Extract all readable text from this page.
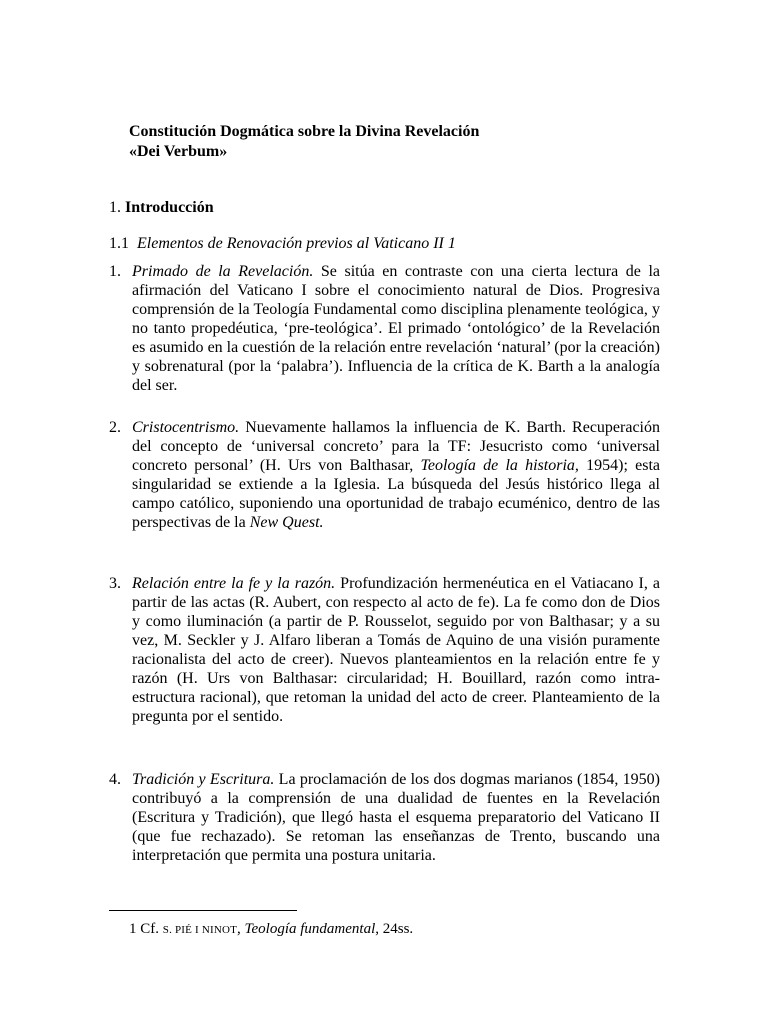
Constitución Dogmática sobre la Divina Revelación
«Dei Verbum»
1. Introducción
1.1 Elementos de Renovación previos al Vaticano II 1
1. Primado de la Revelación. Se sitúa en contraste con una cierta lectura de la afirmación del Vaticano I sobre el conocimiento natural de Dios. Progresiva comprensión de la Teología Fundamental como disciplina plenamente teológica, y no tanto propedéutica, ‘pre-teológica’. El primado ‘ontológico’ de la Revelación es asumido en la cuestión de la relación entre revelación ‘natural’ (por la creación) y sobrenatural (por la ‘palabra’). Influencia de la crítica de K. Barth a la analogía del ser.
2. Cristocentrismo. Nuevamente hallamos la influencia de K. Barth. Recuperación del concepto de ‘universal concreto’ para la TF: Jesucristo como ‘universal concreto personal’ (H. Urs von Balthasar, Teología de la historia, 1954); esta singularidad se extiende a la Iglesia. La búsqueda del Jesús histórico llega al campo católico, suponiendo una oportunidad de trabajo ecuménico, dentro de las perspectivas de la New Quest.
3. Relación entre la fe y la razón. Profundización hermenéutica en el Vatiacano I, a partir de las actas (R. Aubert, con respecto al acto de fe). La fe como don de Dios y como iluminación (a partir de P. Rousselot, seguido por von Balthasar; y a su vez, M. Seckler y J. Alfaro liberan a Tomás de Aquino de una visión puramente racionalista del acto de creer). Nuevos planteamientos en la relación entre fe y razón (H. Urs von Balthasar: circularidad; H. Bouillard, razón como intra-estructura racional), que retoman la unidad del acto de creer. Planteamiento de la pregunta por el sentido.
4. Tradición y Escritura. La proclamación de los dos dogmas marianos (1854, 1950) contribuyó a la comprensión de una dualidad de fuentes en la Revelación (Escritura y Tradición), que llegó hasta el esquema preparatorio del Vaticano II (que fue rechazado). Se retoman las enseñanzas de Trento, buscando una interpretación que permita una postura unitaria.
1 Cf. S. PIÉ I NINOT, Teología fundamental, 24ss.
